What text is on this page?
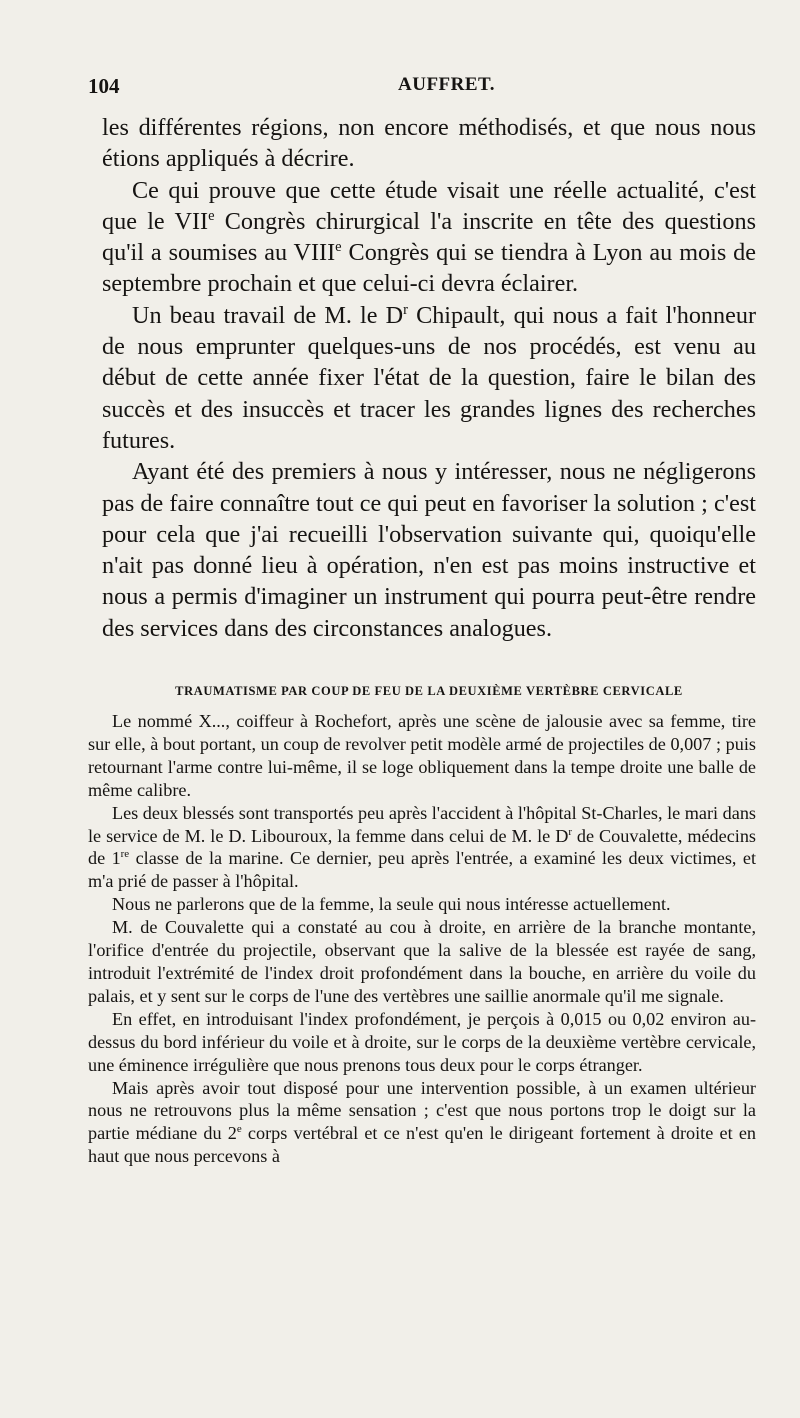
104	AUFFRET.

les différentes régions, non encore méthodisés, et que nous nous étions appliqués à décrire.

Ce qui prouve que cette étude visait une réelle actualité, c'est que le VIIe Congrès chirurgical l'a inscrite en tête des questions qu'il a soumises au VIIIe Congrès qui se tiendra à Lyon au mois de septembre prochain et que celui-ci devra éclairer.

Un beau travail de M. le $D^r$ Chipault, qui nous a fait l'honneur de nous emprunter quelques-uns de nos procédés, est venu au début de cette année fixer l'état de la question, faire le bilan des succès et des insuccès et tracer les grandes lignes des recherches futures.

Ayant été des premiers à nous y intéresser, nous ne négligerons pas de faire connaître tout ce qui peut en favoriser la solution ; c'est pour cela que j'ai recueilli l'observation suivante qui, quoiqu'elle n'ait pas donné lieu à opération, n'en est pas moins instructive et nous a permis d'imaginer un instrument qui pourra peut-être rendre des services dans des circonstances analogues.

TRAUMATISME PAR COUP DE FEU DE LA DEUXIÈME VERTÈBRE CERVICALE

Le nommé X..., coiffeur à Rochefort, après une scène de jalousie avec sa femme, tire sur elle, à bout portant, un coup de revolver petit modèle armé de projectiles de 0,007 ; puis retournant l'arme contre lui-même, il se loge obliquement dans la tempe droite une balle de même calibre.

Les deux blessés sont transportés peu après l'accident à l'hôpital St-Charles, le mari dans le service de M. le D. Libouroux, la femme dans celui de M. le $D^r$ de Couvalette, médecins de 1re classe de la marine. Ce dernier, peu après l'entrée, a examiné les deux victimes, et m'a prié de passer à l'hôpital.

Nous ne parlerons que de la femme, la seule qui nous intéresse actuellement.

M. de Couvalette qui a constaté au cou à droite, en arrière de la branche montante, l'orifice d'entrée du projectile, observant que la salive de la blessée est rayée de sang, introduit l'extrémité de l'index droit profondément dans la bouche, en arrière du voile du palais, et y sent sur le corps de l'une des vertèbres une saillie anormale qu'il me signale.

En effet, en introduisant l'index profondément, je perçois à 0,015 ou 0,02 environ au-dessus du bord inférieur du voile et à droite, sur le corps de la deuxième vertèbre cervicale, une éminence irrégulière que nous prenons tous deux pour le corps étranger.

Mais après avoir tout disposé pour une intervention possible, à un examen ultérieur nous ne retrouvons plus la même sensation ; c'est que nous portons trop le doigt sur la partie médiane du 2e corps vertébral et ce n'est qu'en le dirigeant fortement à droite et en haut que nous percevons à
